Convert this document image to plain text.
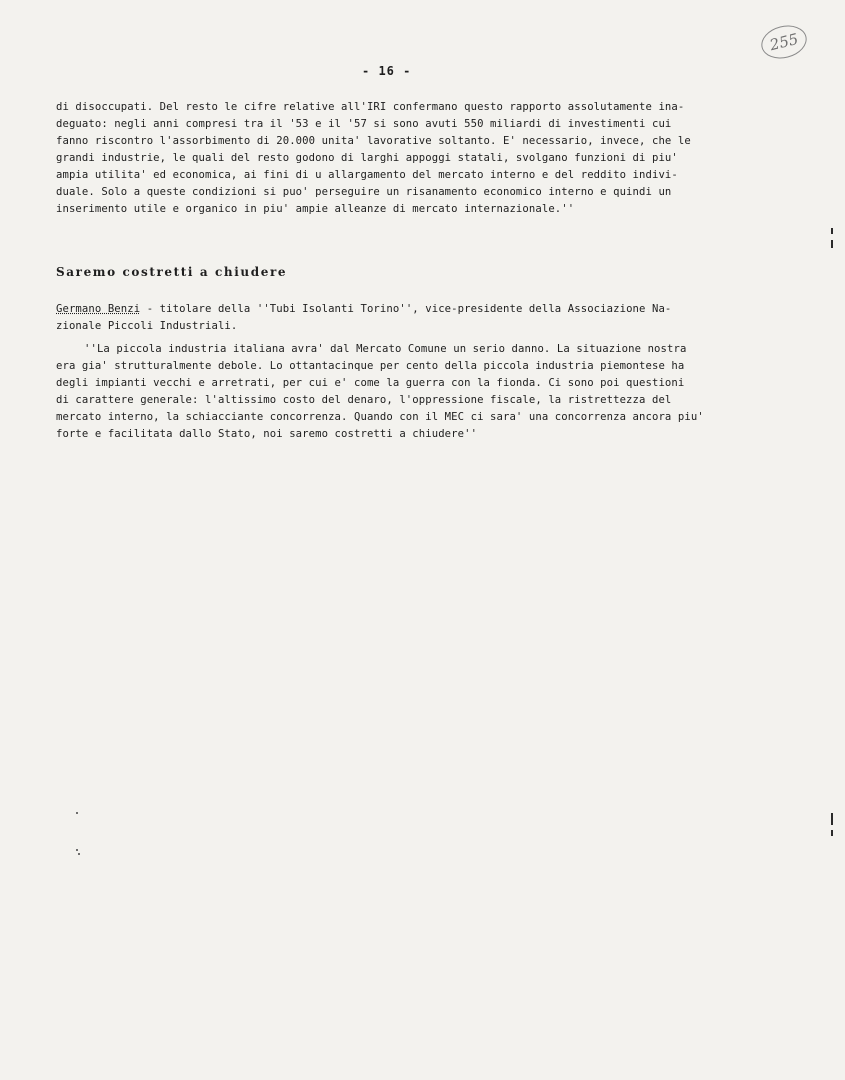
255
- 16 -

di disoccupati. Del resto le cifre relative all'IRI confermano questo rapporto assolutamente ina-
deguato: negli anni compresi tra il '53 e il '57 si sono avuti 550 miliardi di investimenti cui
fanno riscontro l'assorbimento di 20.000 unita' lavorative soltanto. E' necessario, invece, che le
grandi industrie, le quali del resto godono di larghi appoggi statali, svolgano funzioni di piu'
ampia utilita' ed economica, ai fini di u allargamento del mercato interno e del reddito indivi-
duale. Solo a queste condizioni si puo' perseguire un risanamento economico interno e quindi un
inserimento utile e organico in piu' ampie alleanze di mercato internazionale.''

Saremo costretti a chiudere

Germano Benzi - titolare della ''Tubi Isolanti Torino'', vice-presidente della Associazione Na-
zionale Piccoli Industriali.

''La piccola industria italiana avra' dal Mercato Comune un serio danno. La situazione nostra
era gia' strutturalmente debole. Lo ottantacinque per cento della piccola industria piemontese ha
degli impianti vecchi e arretrati, per cui e' come la guerra con la fionda. Ci sono poi questioni
di carattere generale: l'altissimo costo del denaro, l'oppressione fiscale, la ristrettezza del
mercato interno, la schiacciante concorrenza. Quando con il MEC ci sara' una concorrenza ancora piu'
forte e facilitata dallo Stato, noi saremo costretti a chiudere''
